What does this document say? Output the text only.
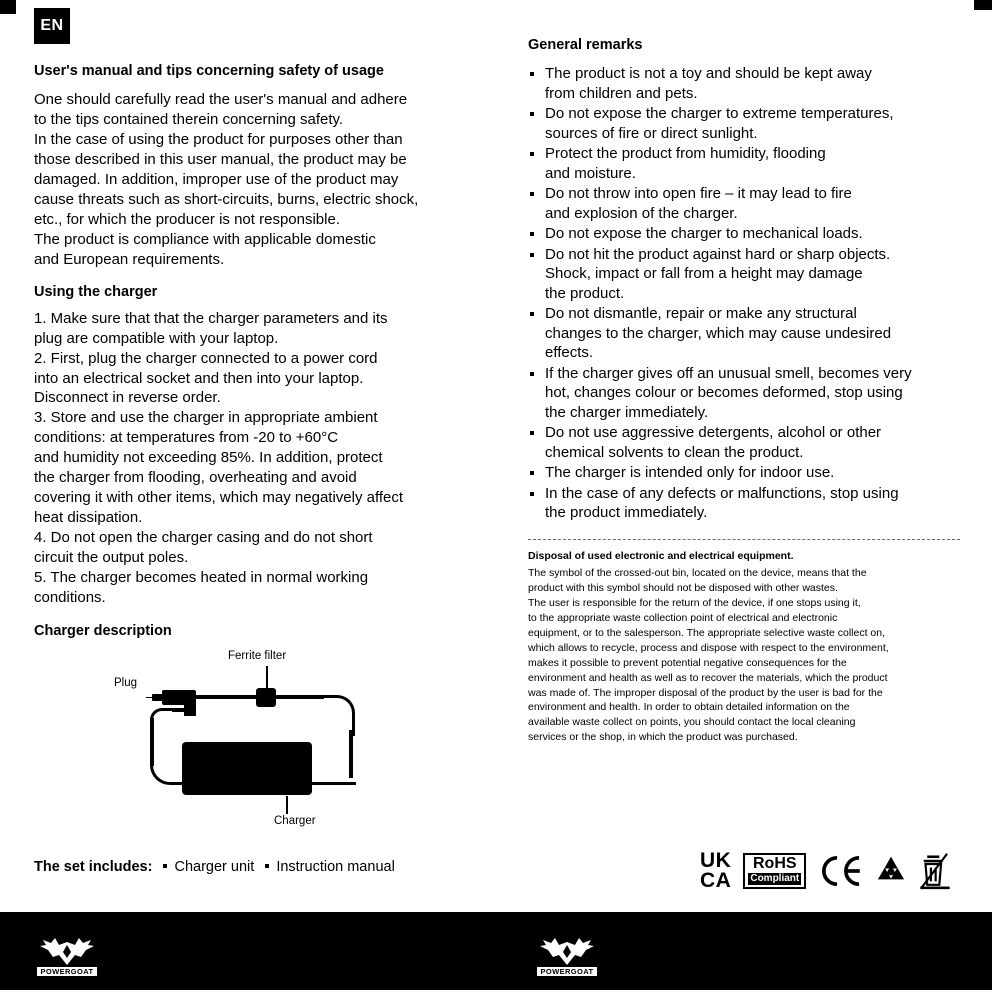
EN
User's manual and tips concerning safety of usage

One should carefully read the user's manual and adhere
to the tips contained therein concerning safety.
In the case of using the product for purposes other than
those described in this user manual, the product may be
damaged. In addition, improper use of the product may
cause threats such as short-circuits, burns, electric shock,
etc., for which the producer is not responsible.
The product is compliance with applicable domestic
and European requirements.

Using the charger
1. Make sure that that the charger parameters and its
plug are compatible with your laptop.
2. First, plug the charger connected to a power cord
into an electrical socket and then into your laptop.
Disconnect in reverse order.
3. Store and use the charger in appropriate ambient
conditions: at temperatures from -20 to +60°C
and humidity not exceeding 85%. In addition, protect
the charger from flooding, overheating and avoid
covering it with other items, which may negatively affect
heat dissipation.
4. Do not open the charger casing and do not short
circuit the output poles.
5. The charger becomes heated in normal working
conditions.
Charger description
Ferrite filter
Plug
Charger
The set includes: Charger unit Instruction manual
General remarks
The product is not a toy and should be kept away
from children and pets.
Do not expose the charger to extreme temperatures,
sources of fire or direct sunlight.
Protect the product from humidity, flooding
and moisture.
Do not throw into open fire – it may lead to fire
and explosion of the charger.
Do not expose the charger to mechanical loads.
Do not hit the product against hard or sharp objects.
Shock, impact or fall from a height may damage
the product.
Do not dismantle, repair or make any structural
changes to the charger, which may cause undesired
effects.
If the charger gives off an unusual smell, becomes very
hot, changes colour or becomes deformed, stop using
the charger immediately.
Do not use aggressive detergents, alcohol or other
chemical solvents to clean the product.
The charger is intended only for indoor use.
In the case of any defects or malfunctions, stop using
the product immediately.

Disposal of used electronic and electrical equipment.

The symbol of the crossed-out bin, located on the device, means that the
product with this symbol should not be disposed with other wastes.
The user is responsible for the return of the device, if one stops using it,
to the appropriate waste collection point of electrical and electronic
equipment, or to the salesperson. The appropriate selective waste collect on,
which allows to recycle, process and dispose with respect to the environment,
makes it possible to prevent potential negative consequences for the
environment and health as well as to recover the materials, which the product
was made of. The improper disposal of the product by the user is bad for the
environment and health. In order to obtain detailed information on the
available waste collect on points, you should contact the local cleaning
services or the shop, in which the product was purchased.

UK
CA
RoHS
Compliant
POWERGOAT	POWERGOAT
